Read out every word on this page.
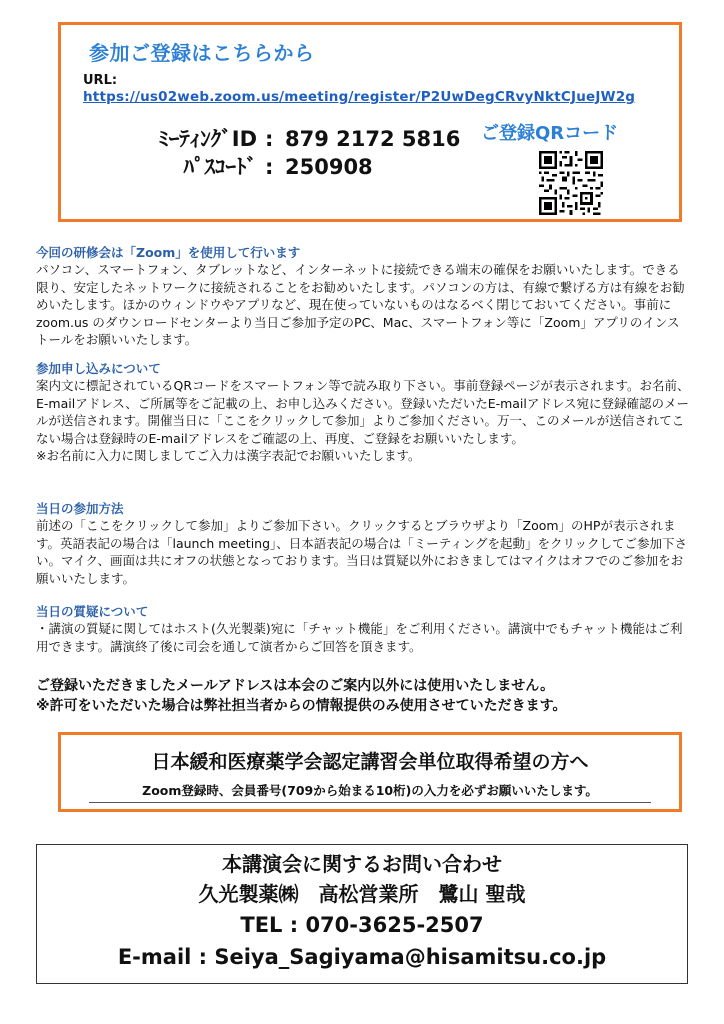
参加ご登録はこちらから
URL:
https://us02web.zoom.us/meeting/register/P2UwDegCRvyNktCJueJW2g
ﾐｰﾃｨﾝｸﾞID : 879 2172 5816
ﾊﾟｽｺｰﾄﾞ : 250908
ご登録QRコード
今回の研修会は「Zoom」を使用して行います
パソコン、スマートフォン、タブレットなど、インターネットに接続できる端末の確保をお願いいたします。できる限り、安定したネットワークに接続されることをお勧めいたします。パソコンの方は、有線で繋げる方は有線をお勧めいたします。ほかのウィンドウやアプリなど、現在使っていないものはなるべく閉じておいてください。事前にzoom.us のダウンロードセンターより当日ご参加予定のPC、Mac、スマートフォン等に「Zoom」アプリのインストールをお願いいたします。
参加申し込みについて
案内文に標記されているQRコードをスマートフォン等で読み取り下さい。事前登録ページが表示されます。お名前、E-mailアドレス、ご所属等をご記載の上、お申し込みください。登録いただいたE-mailアドレス宛に登録確認のメールが送信されます。開催当日に「ここをクリックして参加」よりご参加ください。万一、このメールが送信されてこない場合は登録時のE-mailアドレスをご確認の上、再度、ご登録をお願いいたします。
※お名前に入力に関しましてご入力は漢字表記でお願いいたします。
当日の参加方法
前述の「ここをクリックして参加」よりご参加下さい。クリックするとブラウザより「Zoom」のHPが表示されます。英語表記の場合は「launch meeting」、日本語表記の場合は「ミーティングを起動」をクリックしてご参加下さい。マイク、画面は共にオフの状態となっております。当日は質疑以外におきましてはマイクはオフでのご参加をお願いいたします。
当日の質疑について
・講演の質疑に関してはホスト(久光製薬)宛に「チャット機能」をご利用ください。講演中でもチャット機能はご利用できます。講演終了後に司会を通して演者からご回答を頂きます。
ご登録いただきましたメールアドレスは本会のご案内以外には使用いたしません。
※許可をいただいた場合は弊社担当者からの情報提供のみ使用させていただきます。
日本緩和医療薬学会認定講習会単位取得希望の方へ
Zoom登録時、会員番号(709から始まる10桁)の入力を必ずお願いいたします。
本講演会に関するお問い合わせ
久光製薬㈱　高松営業所　鷺山 聖哉
TEL : 070-3625-2507
E-mail : Seiya_Sagiyama@hisamitsu.co.jp
